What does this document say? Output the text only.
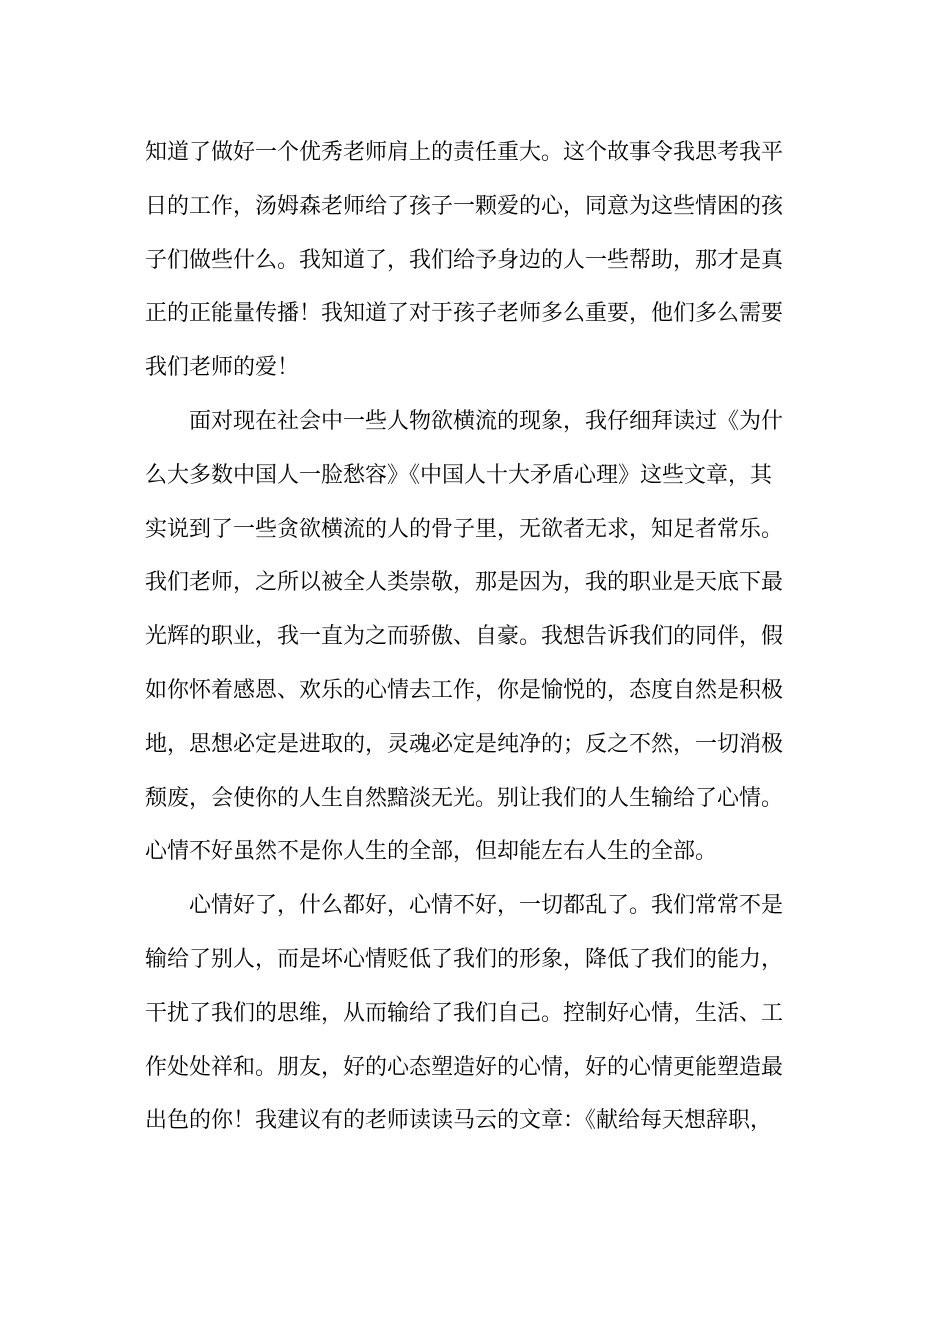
知道了做好一个优秀老师肩上的责任重大。这个故事令我思考我平
日的工作，汤姆森老师给了孩子一颗爱的心，同意为这些情困的孩
子们做些什么。我知道了，我们给予身边的人一些帮助，那才是真
正的正能量传播！我知道了对于孩子老师多么重要，他们多么需要
我们老师的爱！
面对现在社会中一些人物欲横流的现象，我仔细拜读过《为什
么大多数中国人一脸愁容》《中国人十大矛盾心理》这些文章，其
实说到了一些贪欲横流的人的骨子里，无欲者无求，知足者常乐。
我们老师，之所以被全人类崇敬，那是因为，我的职业是天底下最
光辉的职业，我一直为之而骄傲、自豪。我想告诉我们的同伴，假
如你怀着感恩、欢乐的心情去工作，你是愉悦的，态度自然是积极
地，思想必定是进取的，灵魂必定是纯净的；反之不然，一切消极
颓废，会使你的人生自然黯淡无光。别让我们的人生输给了心情。
心情不好虽然不是你人生的全部，但却能左右人生的全部。
心情好了，什么都好，心情不好，一切都乱了。我们常常不是
输给了别人，而是坏心情贬低了我们的形象，降低了我们的能力，
干扰了我们的思维，从而输给了我们自己。控制好心情，生活、工
作处处祥和。朋友，好的心态塑造好的心情，好的心情更能塑造最
出色的你！我建议有的老师读读马云的文章：《献给每天想辞职，
